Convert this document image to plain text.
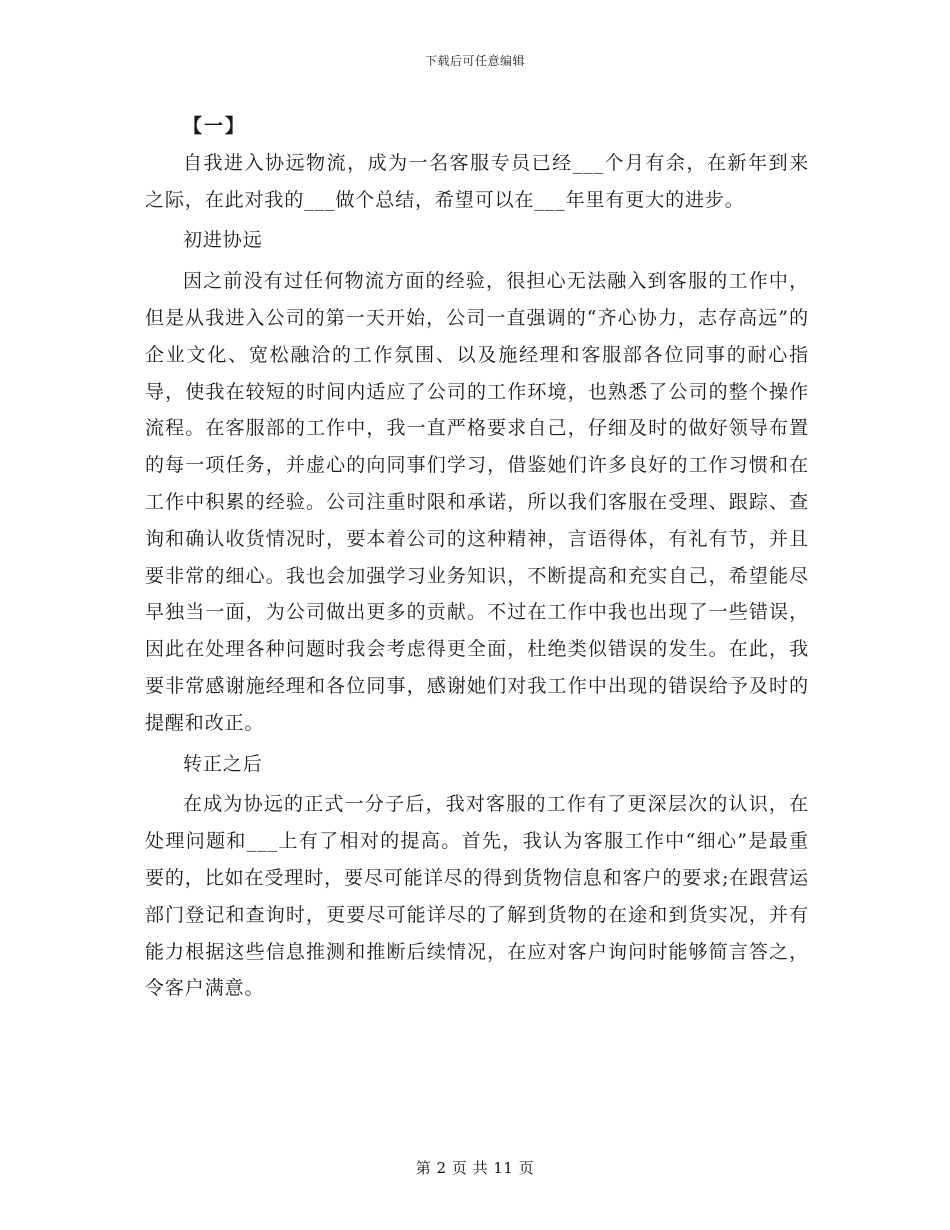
下载后可任意编辑

【一】

自我进入协远物流，成为一名客服专员已经___个月有余，在新年到来之际，在此对我的___做个总结，希望可以在___年里有更大的进步。

初进协远

因之前没有过任何物流方面的经验，很担心无法融入到客服的工作中，但是从我进入公司的第一天开始，公司一直强调的“齐心协力，志存高远”的企业文化、宽松融洽的工作氛围、以及施经理和客服部各位同事的耐心指导，使我在较短的时间内适应了公司的工作环境，也熟悉了公司的整个操作流程。在客服部的工作中，我一直严格要求自己，仔细及时的做好领导布置的每一项任务，并虚心的向同事们学习，借鉴她们许多良好的工作习惯和在工作中积累的经验。公司注重时限和承诺，所以我们客服在受理、跟踪、查询和确认收货情况时，要本着公司的这种精神，言语得体，有礼有节，并且要非常的细心。我也会加强学习业务知识，不断提高和充实自己，希望能尽早独当一面，为公司做出更多的贡献。不过在工作中我也出现了一些错误，因此在处理各种问题时我会考虑得更全面，杜绝类似错误的发生。在此，我要非常感谢施经理和各位同事，感谢她们对我工作中出现的错误给予及时的提醒和改正。

转正之后

在成为协远的正式一分子后，我对客服的工作有了更深层次的认识，在处理问题和___上有了相对的提高。首先，我认为客服工作中“细心”是最重要的，比如在受理时，要尽可能详尽的得到货物信息和客户的要求;在跟营运部门登记和查询时，更要尽可能详尽的了解到货物的在途和到货实况，并有能力根据这些信息推测和推断后续情况，在应对客户询问时能够简言答之，令客户满意。

第 2 页 共 11 页
